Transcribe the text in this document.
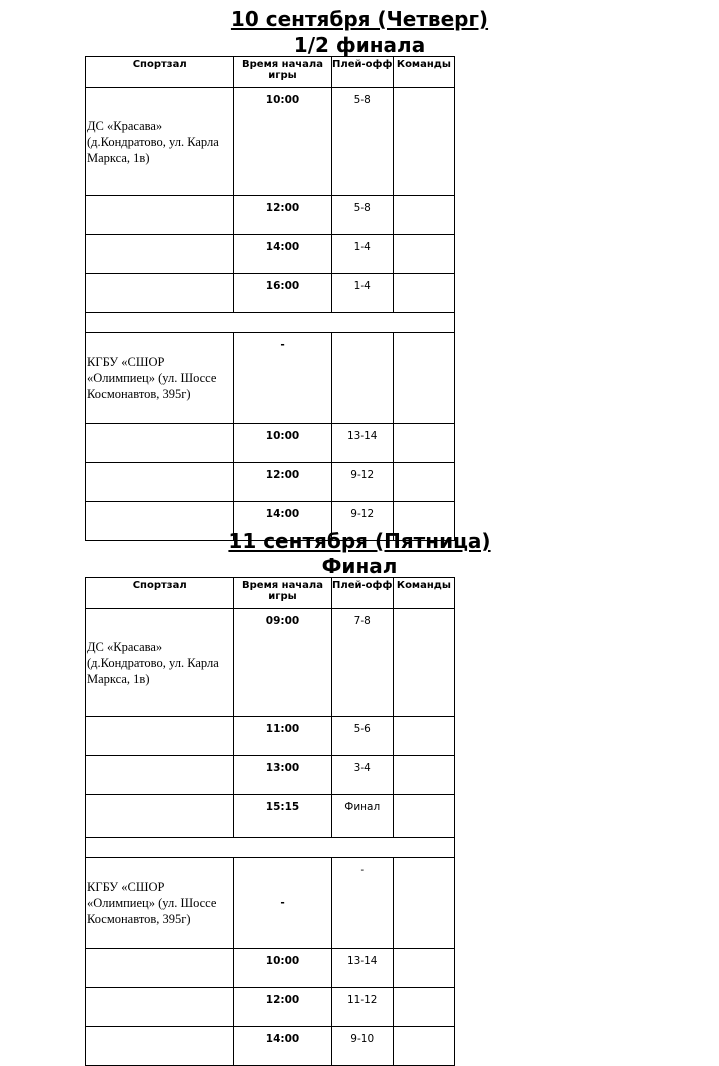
10 сентября (Четверг)
1/2 финала
Спортзал	Время начала игры	Плей-офф	Команды

ДС «Красава»
(д.Кондратово, ул. Карла Маркса, 1в)	10:00	5-8	
	12:00	5-8	
	14:00	1-4	
	16:00	1-4	

КГБУ «СШОР
«Олимпиец» (ул. Шоссе Космонавтов, 395г)	-		
	10:00	13-14	
	12:00	9-12	
	14:00	9-12	
11 сентября (Пятница)
Финал
Спортзал	Время начала игры	Плей-офф	Команды

ДС «Красава»
(д.Кондратово, ул. Карла Маркса, 1в)	09:00	7-8	
	11:00	5-6	
	13:00	3-4	
	15:15	Финал	

КГБУ «СШОР
«Олимпиец» (ул. Шоссе Космонавтов, 395г)	-	-	
	10:00	13-14	
	12:00	11-12	
	14:00	9-10	
